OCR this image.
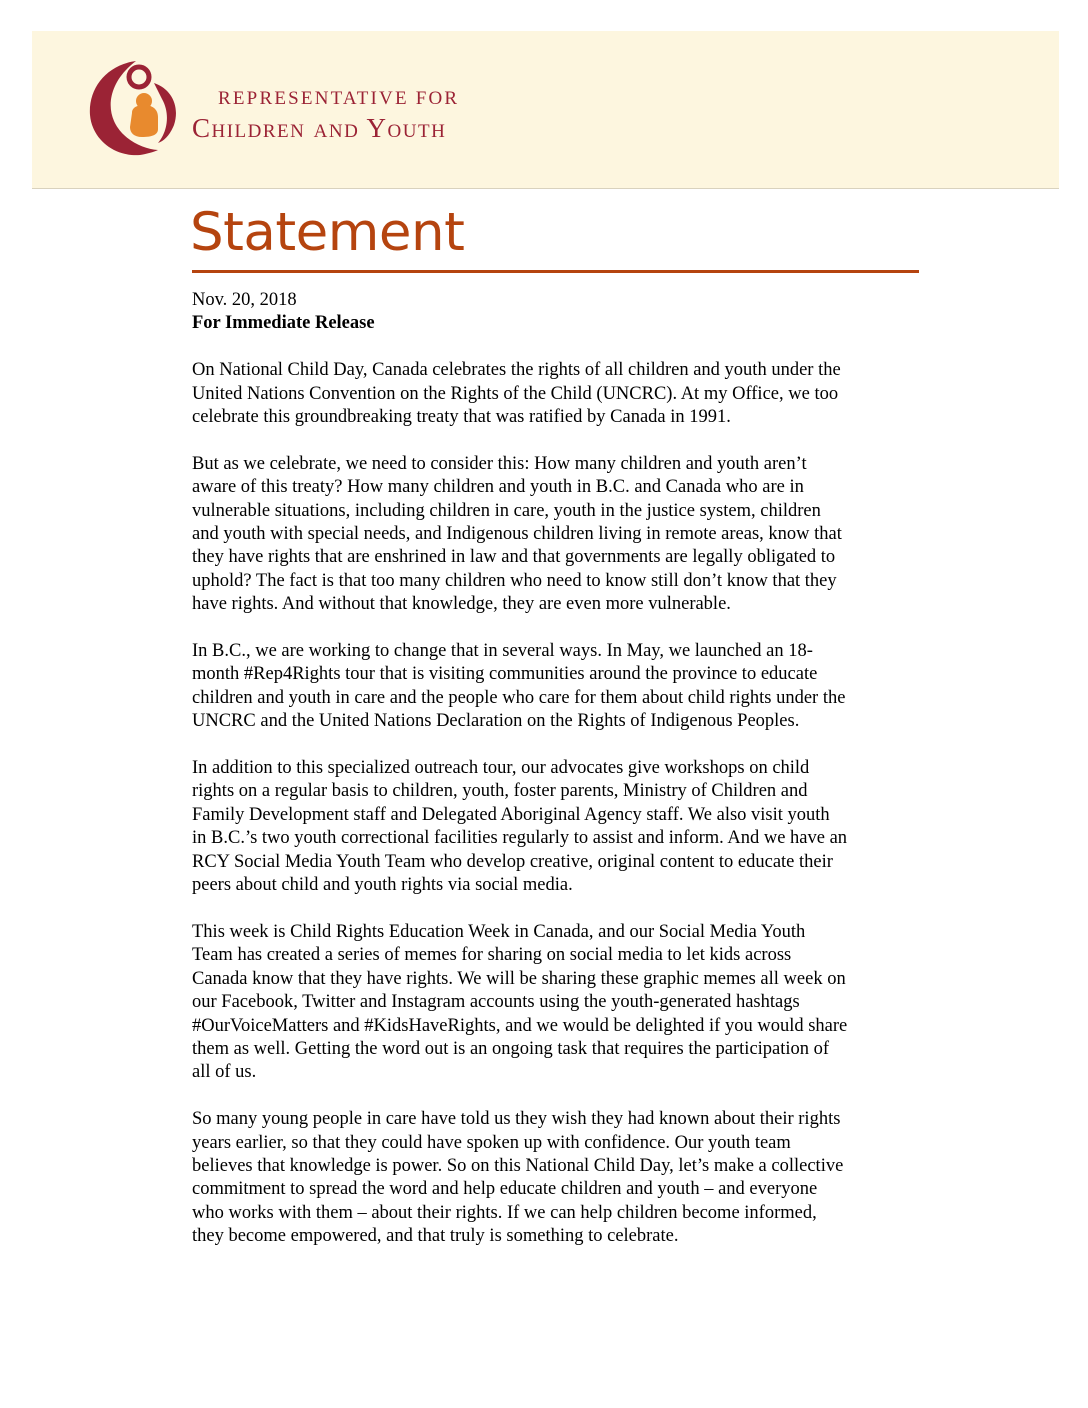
REPRESENTATIVE FOR
Children and Youth
Statement
Nov. 20, 2018
For Immediate Release

On National Child Day, Canada celebrates the rights of all children and youth under the
United Nations Convention on the Rights of the Child (UNCRC). At my Office, we too
celebrate this groundbreaking treaty that was ratified by Canada in 1991.

But as we celebrate, we need to consider this: How many children and youth aren’t
aware of this treaty? How many children and youth in B.C. and Canada who are in
vulnerable situations, including children in care, youth in the justice system, children
and youth with special needs, and Indigenous children living in remote areas, know that
they have rights that are enshrined in law and that governments are legally obligated to
uphold? The fact is that too many children who need to know still don’t know that they
have rights. And without that knowledge, they are even more vulnerable.

In B.C., we are working to change that in several ways. In May, we launched an 18-
month #Rep4Rights tour that is visiting communities around the province to educate
children and youth in care and the people who care for them about child rights under the
UNCRC and the United Nations Declaration on the Rights of Indigenous Peoples.

In addition to this specialized outreach tour, our advocates give workshops on child
rights on a regular basis to children, youth, foster parents, Ministry of Children and
Family Development staff and Delegated Aboriginal Agency staff. We also visit youth
in B.C.’s two youth correctional facilities regularly to assist and inform. And we have an
RCY Social Media Youth Team who develop creative, original content to educate their
peers about child and youth rights via social media.

This week is Child Rights Education Week in Canada, and our Social Media Youth
Team has created a series of memes for sharing on social media to let kids across
Canada know that they have rights. We will be sharing these graphic memes all week on
our Facebook, Twitter and Instagram accounts using the youth-generated hashtags
#OurVoiceMatters and #KidsHaveRights, and we would be delighted if you would share
them as well. Getting the word out is an ongoing task that requires the participation of
all of us.

So many young people in care have told us they wish they had known about their rights
years earlier, so that they could have spoken up with confidence. Our youth team
believes that knowledge is power. So on this National Child Day, let’s make a collective
commitment to spread the word and help educate children and youth – and everyone
who works with them – about their rights. If we can help children become informed,
they become empowered, and that truly is something to celebrate.
